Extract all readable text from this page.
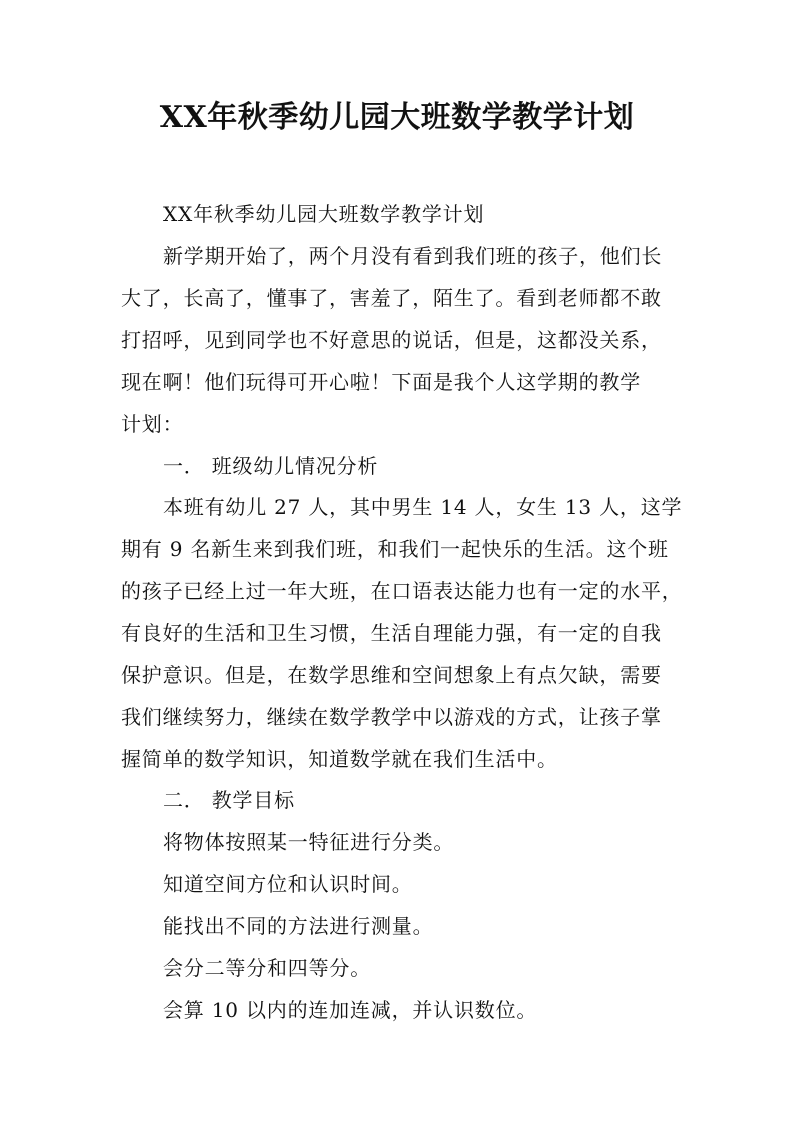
XX年秋季幼儿园大班数学教学计划
XX年秋季幼儿园大班数学教学计划
新学期开始了，两个月没有看到我们班的孩子，他们长
大了，长高了，懂事了，害羞了，陌生了。看到老师都不敢
打招呼，见到同学也不好意思的说话，但是，这都没关系，
现在啊！他们玩得可开心啦！下面是我个人这学期的教学
计划：
一． 班级幼儿情况分析
本班有幼儿 27 人，其中男生 14 人，女生 13 人，这学
期有 9 名新生来到我们班，和我们一起快乐的生活。这个班
的孩子已经上过一年大班，在口语表达能力也有一定的水平，
有良好的生活和卫生习惯，生活自理能力强，有一定的自我
保护意识。但是，在数学思维和空间想象上有点欠缺，需要
我们继续努力，继续在数学教学中以游戏的方式，让孩子掌
握简单的数学知识，知道数学就在我们生活中。
二． 教学目标
将物体按照某一特征进行分类。
知道空间方位和认识时间。
能找出不同的方法进行测量。
会分二等分和四等分。
会算 10 以内的连加连减，并认识数位。
